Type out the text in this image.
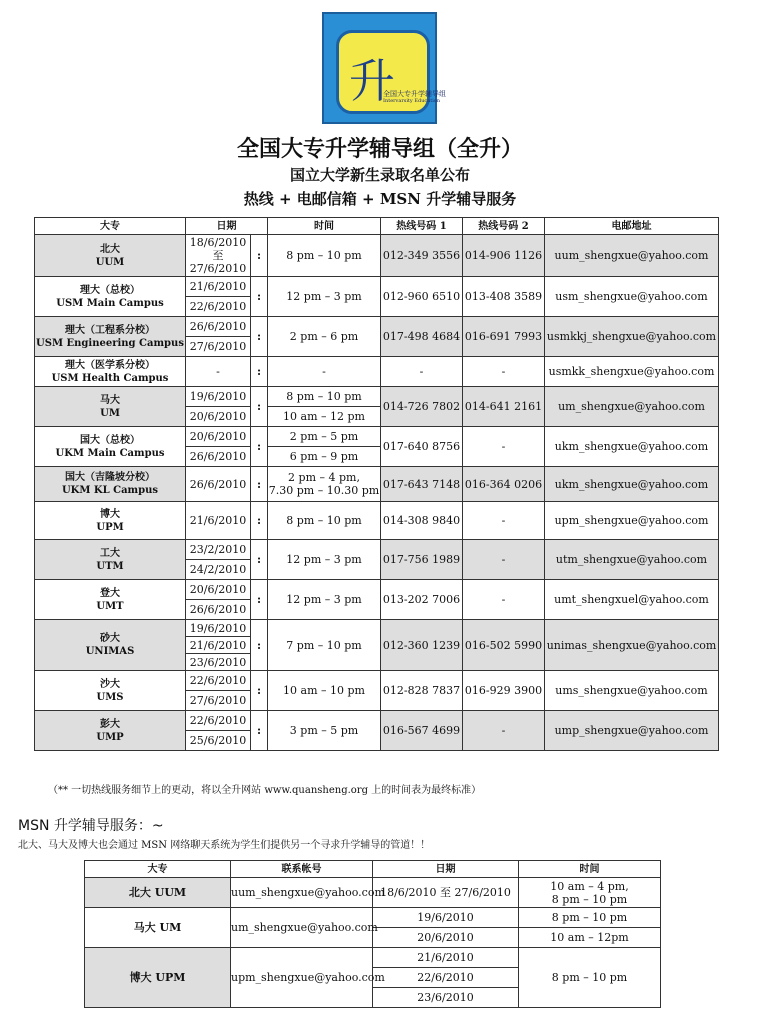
升
全国大专升学辅导组
Intervarsity Education
全国大专升学辅导组（全升）
国立大学新生录取名单公布
热线 + 电邮信箱 + MSN 升学辅导服务
大专	日期		时间	热线号码 1	热线号码 2	电邮地址

北大
UUM	18/6/2010
至
27/6/2010	:	8 pm – 10 pm	012-349 3556	014-906 1126	uum_shengxue@yahoo.com

理大（总校）
USM Main Campus	21/6/2010	:	12 pm – 3 pm	012-960 6510	013-408 3589	usm_shengxue@yahoo.com
	22/6/2010					

理大（工程系分校）
USM Engineering Campus	26/6/2010	:	2 pm – 6 pm	017-498 4684	016-691 7993	usmkkj_shengxue@yahoo.com
	27/6/2010					

理大（医学系分校）
USM Health Campus	-	:	-	-	-	usmkk_shengxue@yahoo.com

马大
UM	19/6/2010	:	8 pm – 10 pm	014-726 7802	014-641 2161	um_shengxue@yahoo.com
	20/6/2010		10 am – 12 pm			

国大（总校）
UKM Main Campus	20/6/2010	:	2 pm – 5 pm	017-640 8756	-	ukm_shengxue@yahoo.com
	26/6/2010		6 pm – 9 pm			

国大（吉隆坡分校）
UKM KL Campus	26/6/2010	:	2 pm – 4 pm,
7.30 pm – 10.30 pm	017-643 7148	016-364 0206	ukm_shengxue@yahoo.com

博大
UPM	21/6/2010	:	8 pm – 10 pm	014-308 9840	-	upm_shengxue@yahoo.com

工大
UTM	23/2/2010	:	12 pm – 3 pm	017-756 1989	-	utm_shengxue@yahoo.com
	24/2/2010					

登大
UMT	20/6/2010	:	12 pm – 3 pm	013-202 7006	-	umt_shengxuel@yahoo.com
	26/6/2010					

砂大
UNIMAS	19/6/2010	:	7 pm – 10 pm	012-360 1239	016-502 5990	unimas_shengxue@yahoo.com
	21/6/2010					
	23/6/2010					

沙大
UMS	22/6/2010	:	10 am – 10 pm	012-828 7837	016-929 3900	ums_shengxue@yahoo.com
	27/6/2010					

彭大
UMP	22/6/2010	:	3 pm – 5 pm	016-567 4699	-	ump_shengxue@yahoo.com
	25/6/2010					
（** 一切热线服务细节上的更动，将以全升网站 www.quansheng.org 上的时间表为最终标准）
MSN 升学辅导服务：~
北大、马大及博大也会通过 MSN 网络聊天系统为学生们提供另一个寻求升学辅导的管道！！
大专	联系帐号	日期	时间
北大 UUM	uum_shengxue@yahoo.com	18/6/2010 至 27/6/2010	10 am – 4 pm,
8 pm – 10 pm
马大 UM	um_shengxue@yahoo.com	19/6/2010	8 pm – 10 pm
		20/6/2010	10 am – 12pm
博大 UPM	upm_shengxue@yahoo.com	21/6/2010	8 pm – 10 pm
		22/6/2010	
		23/6/2010	
